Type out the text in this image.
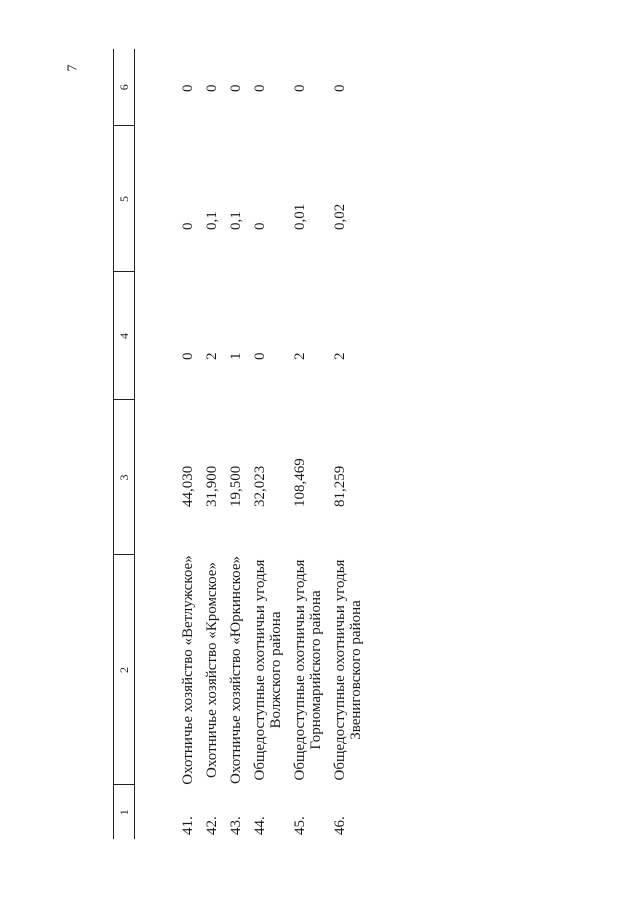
7
1	2	3	4	5	6
41.	Охотничье хозяйство «Ветлужское»	44,030	0	0	0
42.	Охотничье хозяйство «Кромское»	31,900	2	0,1	0
43.	Охотничье хозяйство «Юркинское»	19,500	1	0,1	0
44.	Общедоступные охотничьи угодья Волжского района	32,023	0	0	0
45.	Общедоступные охотничьи угодья Горномарийского района	108,469	2	0,01	0
46.	Общедоступные охотничьи угодья Звениговского района	81,259	2	0,02	0
